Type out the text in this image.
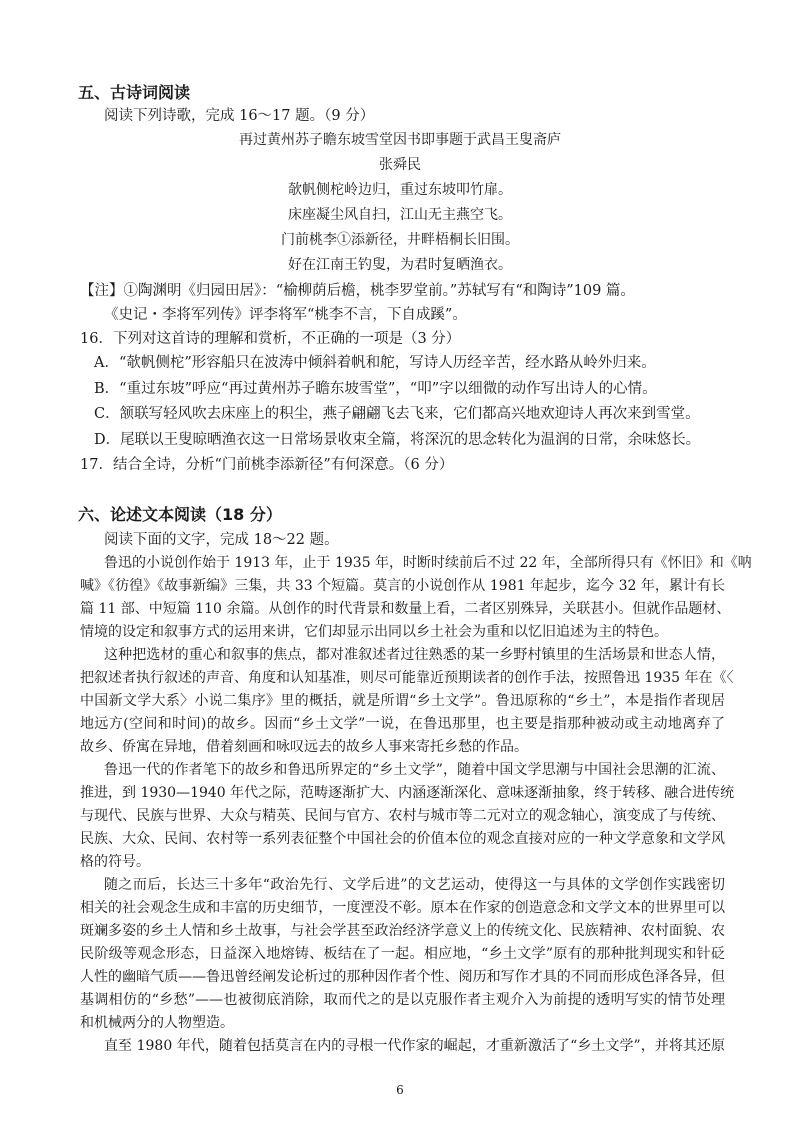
五、古诗词阅读
阅读下列诗歌，完成 16～17 题。（9 分）
再过黄州苏子瞻东坡雪堂因书即事题于武昌王叟斋庐
张舜民
欹帆侧柁岭边归，重过东坡叩竹扉。
床座凝尘风自扫，江山无主燕空飞。
门前桃李①添新径，井畔梧桐长旧围。
好在江南王钓叟，为君时复晒渔衣。
【注】①陶渊明《归园田居》：“榆柳荫后檐，桃李罗堂前。”苏轼写有“和陶诗”109 篇。
《史记・李将军列传》评李将军“桃李不言，下自成蹊”。
16．下列对这首诗的理解和赏析，不正确的一项是（3 分）
A．“欹帆侧柁”形容船只在波涛中倾斜着帆和舵，写诗人历经辛苦，经水路从岭外归来。
B．“重过东坡”呼应“再过黄州苏子瞻东坡雪堂”，“叩”字以细微的动作写出诗人的心情。
C．颔联写轻风吹去床座上的积尘，燕子翩翩飞去飞来，它们都高兴地欢迎诗人再次来到雪堂。
D．尾联以王叟晾晒渔衣这一日常场景收束全篇，将深沉的思念转化为温润的日常，余味悠长。
17．结合全诗，分析“门前桃李添新径”有何深意。（6 分）
六、论述文本阅读（18 分）
阅读下面的文字，完成 18～22 题。
鲁迅的小说创作始于 1913 年，止于 1935 年，时断时续前后不过 22 年，全部所得只有《怀旧》和《呐
喊》《彷徨》《故事新编》三集，共 33 个短篇。莫言的小说创作从 1981 年起步，迄今 32 年，累计有长
篇 11 部、中短篇 110 余篇。从创作的时代背景和数量上看，二者区别殊异，关联甚小。但就作品题材、
情境的设定和叙事方式的运用来讲，它们却显示出同以乡土社会为重和以忆旧追述为主的特色。
这种把选材的重心和叙事的焦点，都对准叙述者过往熟悉的某一乡野村镇里的生活场景和世态人情，
把叙述者执行叙述的声音、角度和认知基准，则尽可能靠近预期读者的创作手法，按照鲁迅 1935 年在《〈
中国新文学大系〉小说二集序》里的概括，就是所谓“乡土文学”。鲁迅原称的“乡土”，本是指作者现居
地远方(空间和时间)的故乡。因而“乡土文学”一说，在鲁迅那里，也主要是指那种被动或主动地离弃了
故乡、侨寓在异地，借着刻画和咏叹远去的故乡人事来寄托乡愁的作品。
鲁迅一代的作者笔下的故乡和鲁迅所界定的“乡土文学”，随着中国文学思潮与中国社会思潮的汇流、
推进，到 1930—1940 年代之际，范畴逐渐扩大、内涵逐渐深化、意味逐渐抽象，终于转移、融合进传统
与现代、民族与世界、大众与精英、民间与官方、农村与城市等二元对立的观念轴心，演变成了与传统、
民族、大众、民间、农村等一系列表征整个中国社会的价值本位的观念直接对应的一种文学意象和文学风
格的符号。
随之而后，长达三十多年“政治先行、文学后进”的文艺运动，使得这一与具体的文学创作实践密切
相关的社会观念生成和丰富的历史细节，一度湮没不彰。原本在作家的创造意念和文学文本的世界里可以
斑斓多姿的乡土人情和乡土故事，与社会学甚至政治经济学意义上的传统文化、民族精神、农村面貌、农
民阶级等观念形态，日益深入地熔铸、板结在了一起。相应地，“乡土文学”原有的那种批判现实和针砭
人性的幽暗气质——鲁迅曾经阐发论析过的那种因作者个性、阅历和写作才具的不同而形成色泽各异，但
基调相仿的“乡愁”——也被彻底消除，取而代之的是以克服作者主观介入为前提的透明写实的情节处理
和机械两分的人物塑造。
直至 1980 年代，随着包括莫言在内的寻根一代作家的崛起，才重新激活了“乡土文学”，并将其还原
6
